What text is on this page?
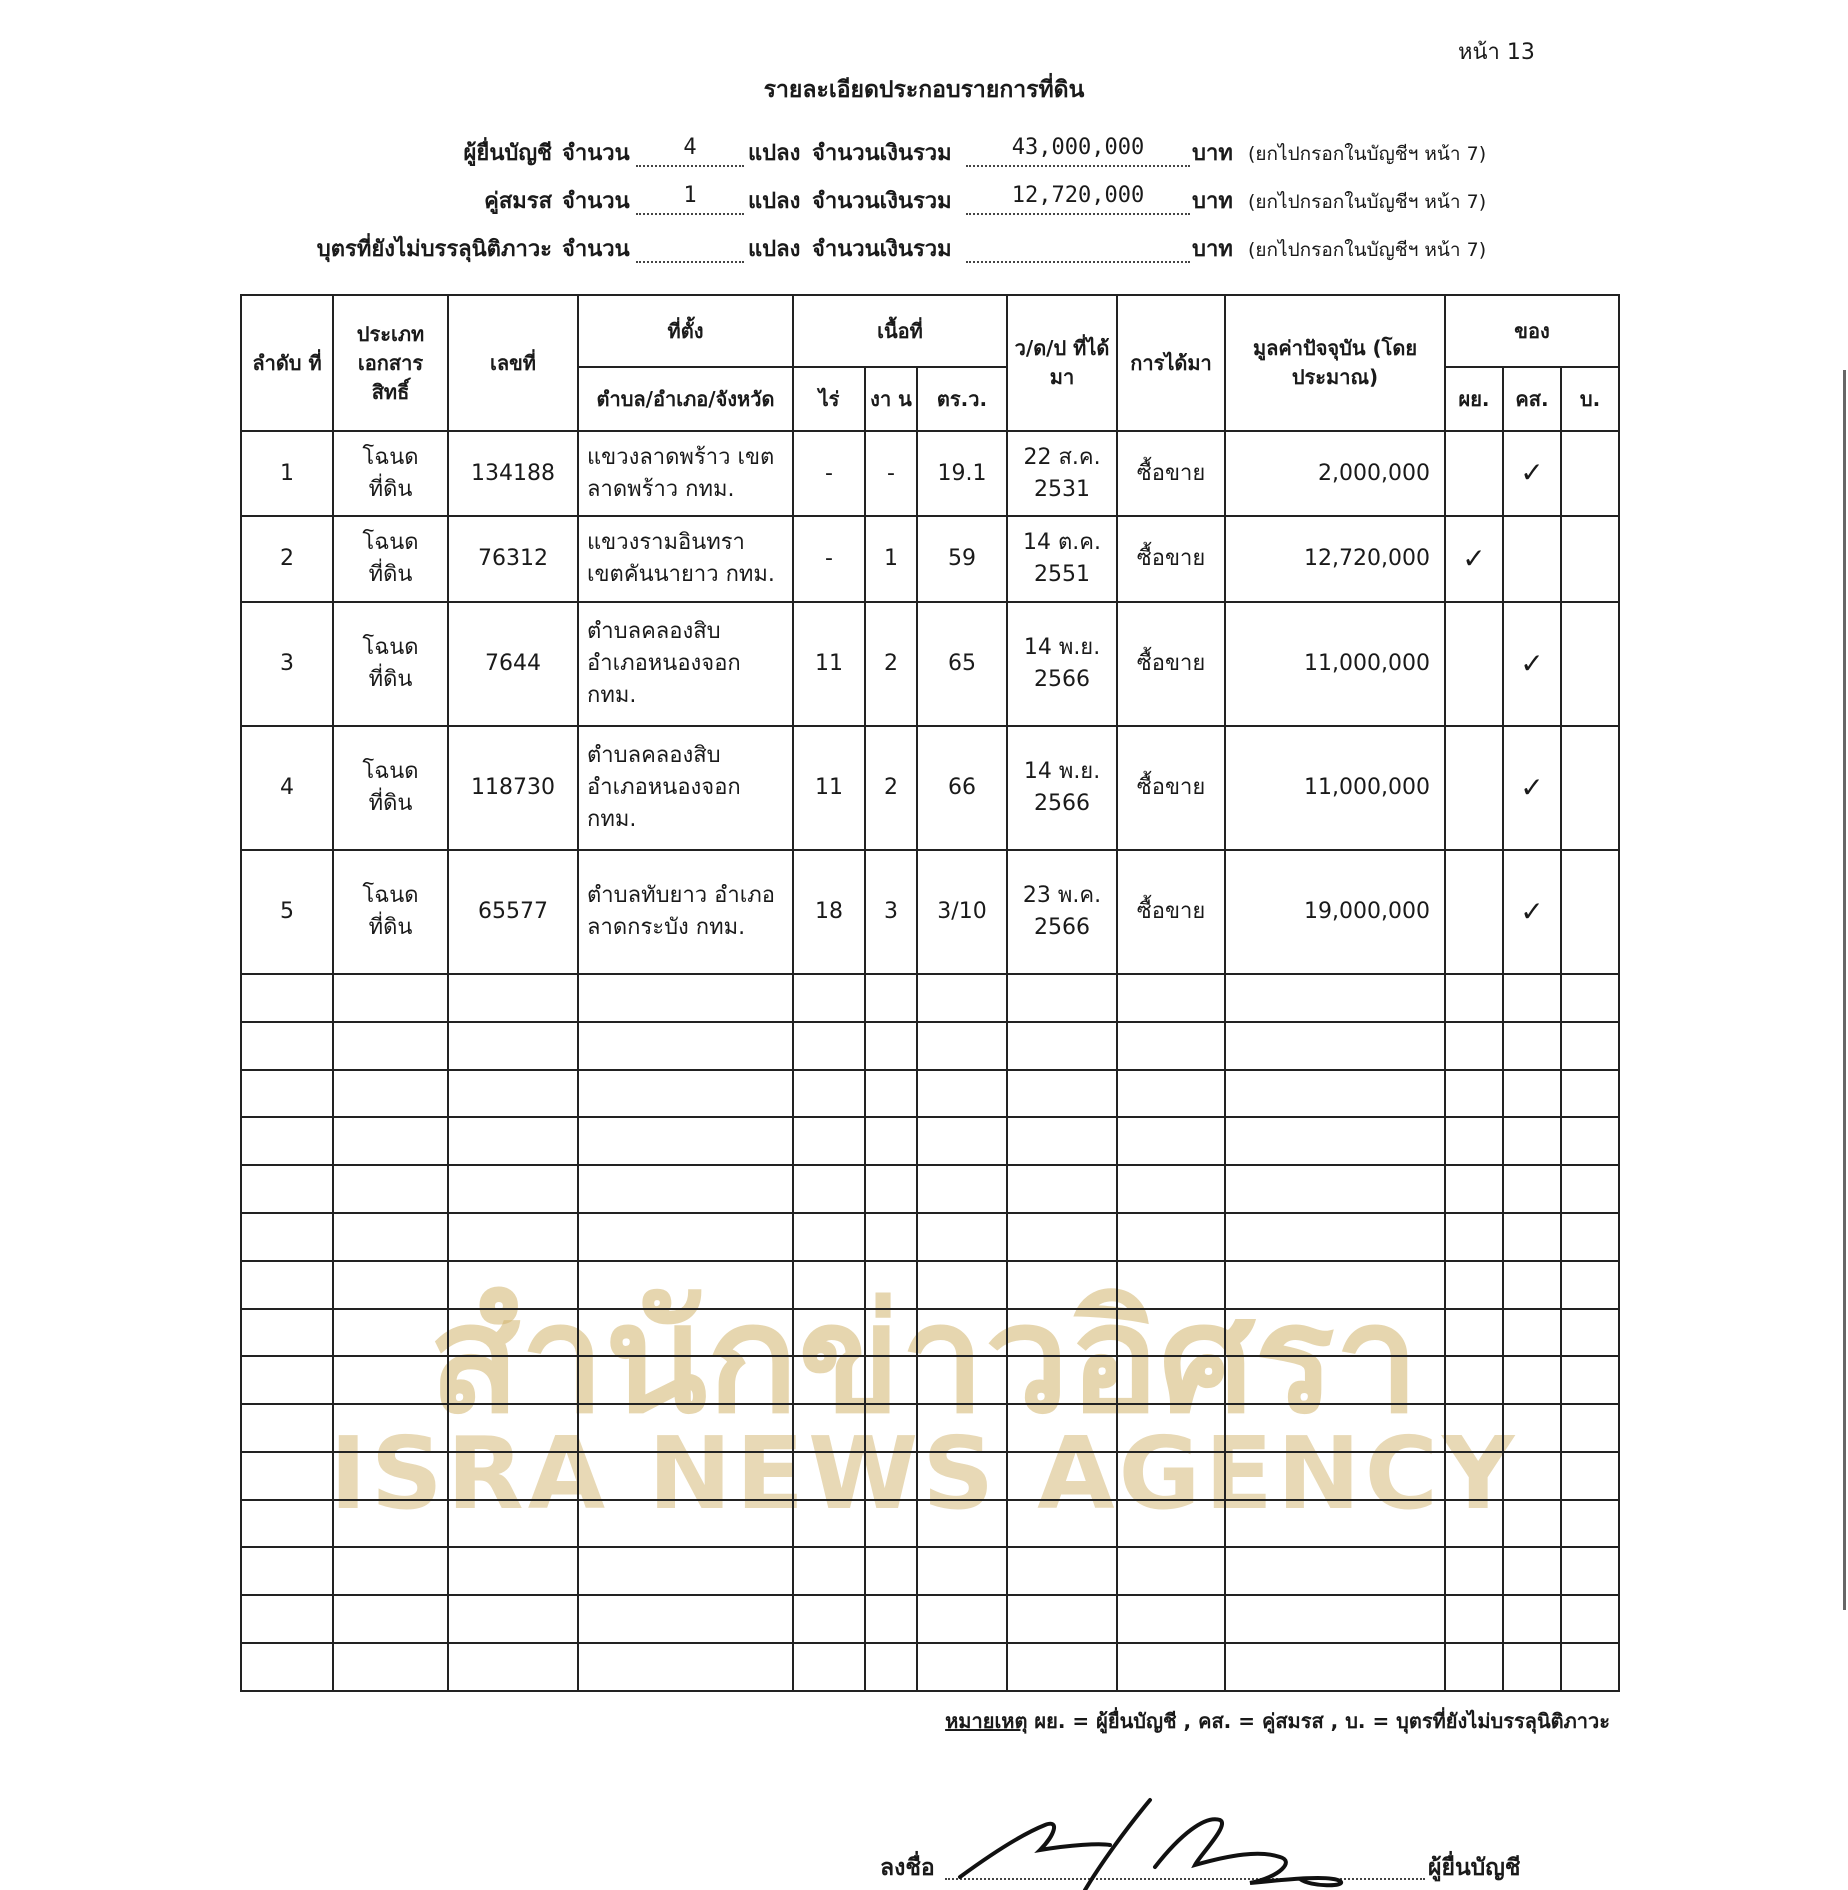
หน้า 13
รายละเอียดประกอบรายการที่ดิน
ผู้ยื่นบัญชี จำนวน	4	แปลง จำนวนเงินรวม	43,000,000	บาท (ยกไปกรอกในบัญชีฯ หน้า 7)
คู่สมรส จำนวน	1	แปลง จำนวนเงินรวม	12,720,000	บาท (ยกไปกรอกในบัญชีฯ หน้า 7)
บุตรที่ยังไม่บรรลุนิติภาวะ จำนวน	แปลง จำนวนเงินรวม	บาท (ยกไปกรอกในบัญชีฯ หน้า 7)
สำนักข่าวอิศรา
ISRA NEWS AGENCY
ลำดับ ที่	ประเภท เอกสาร สิทธิ์	เลขที่	ที่ตั้ง	เนื้อที่			ว/ด/ป ที่ได้มา	การได้มา	มูลค่าปัจจุบัน (โดยประมาณ)	ของ		
			ตำบล/อำเภอ/จังหวัด	ไร่	งา น	ตร.ว.				ผย.	คส.	บ.
1	โฉนด ที่ดิน	134188	แขวงลาดพร้าว เขต ลาดพร้าว กทม.	-	-	19.1	22 ส.ค. 2531	ซื้อขาย	2,000,000		✓	
2	โฉนด ที่ดิน	76312	แขวงรามอินทรา เขตคันนายาว กทม.	-	1	59	14 ต.ค. 2551	ซื้อขาย	12,720,000	✓		
3	โฉนด ที่ดิน	7644	ตำบลคลองสิบ อำเภอหนองจอก กทม.	11	2	65	14 พ.ย. 2566	ซื้อขาย	11,000,000		✓	
4	โฉนด ที่ดิน	118730	ตำบลคลองสิบ อำเภอหนองจอก กทม.	11	2	66	14 พ.ย. 2566	ซื้อขาย	11,000,000		✓	
5	โฉนด ที่ดิน	65577	ตำบลทับยาว อำเภอลาดกระบัง กทม.	18	3	3/10	23 พ.ค. 2566	ซื้อขาย	19,000,000		✓	

หมายเหตุ ผย. = ผู้ยื่นบัญชี , คส. = คู่สมรส , บ. = บุตรที่ยังไม่บรรลุนิติภาวะ
ลงชื่อ	ผู้ยื่นบัญชี
